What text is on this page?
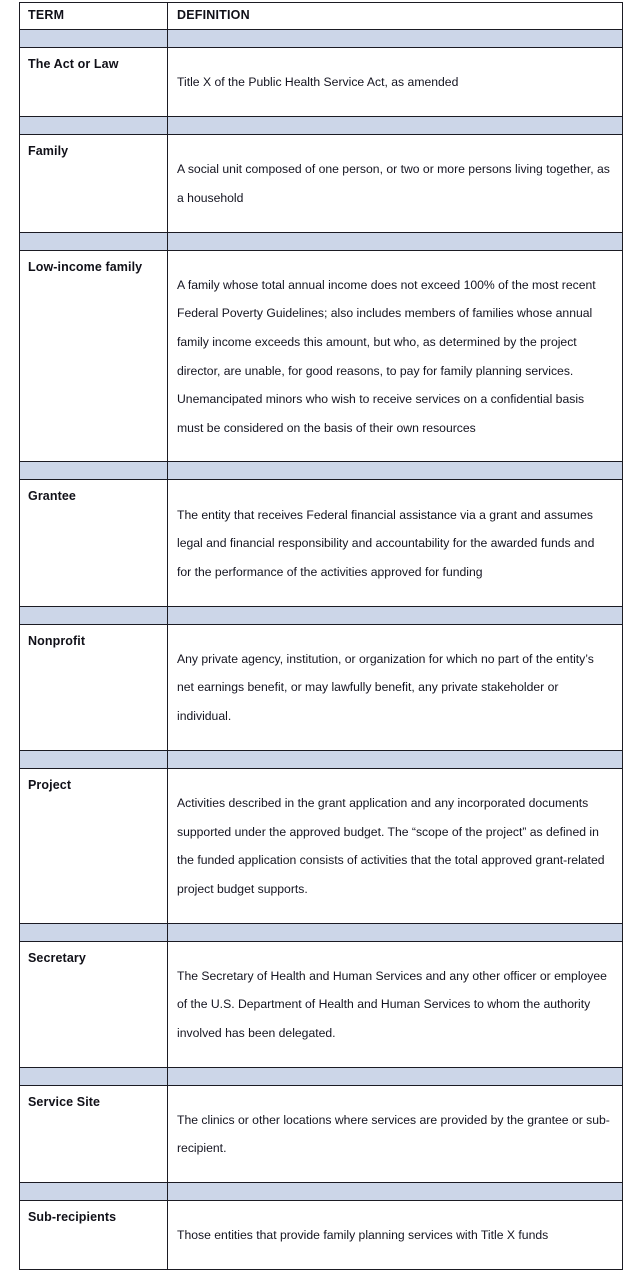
TERM	DEFINITION

The Act or Law	Title X of the Public Health Service Act, as amended

Family	A social unit composed of one person, or two or more persons living together, as a household

Low-income family	A family whose total annual income does not exceed 100% of the most recent Federal Poverty Guidelines; also includes members of families whose annual family income exceeds this amount, but who, as determined by the project director, are unable, for good reasons, to pay for family planning services. Unemancipated minors who wish to receive services on a confidential basis must be considered on the basis of their own resources

Grantee	The entity that receives Federal financial assistance via a grant and assumes legal and financial responsibility and accountability for the awarded funds and for the performance of the activities approved for funding

Nonprofit	Any private agency, institution, or organization for which no part of the entity’s net earnings benefit, or may lawfully benefit, any private stakeholder or individual.

Project	Activities described in the grant application and any incorporated documents supported under the approved budget. The “scope of the project” as defined in the funded application consists of activities that the total approved grant-related project budget supports.

Secretary	The Secretary of Health and Human Services and any other officer or employee of the U.S. Department of Health and Human Services to whom the authority involved has been delegated.

Service Site	The clinics or other locations where services are provided by the grantee or sub-recipient.

Sub-recipients	Those entities that provide family planning services with Title X funds
